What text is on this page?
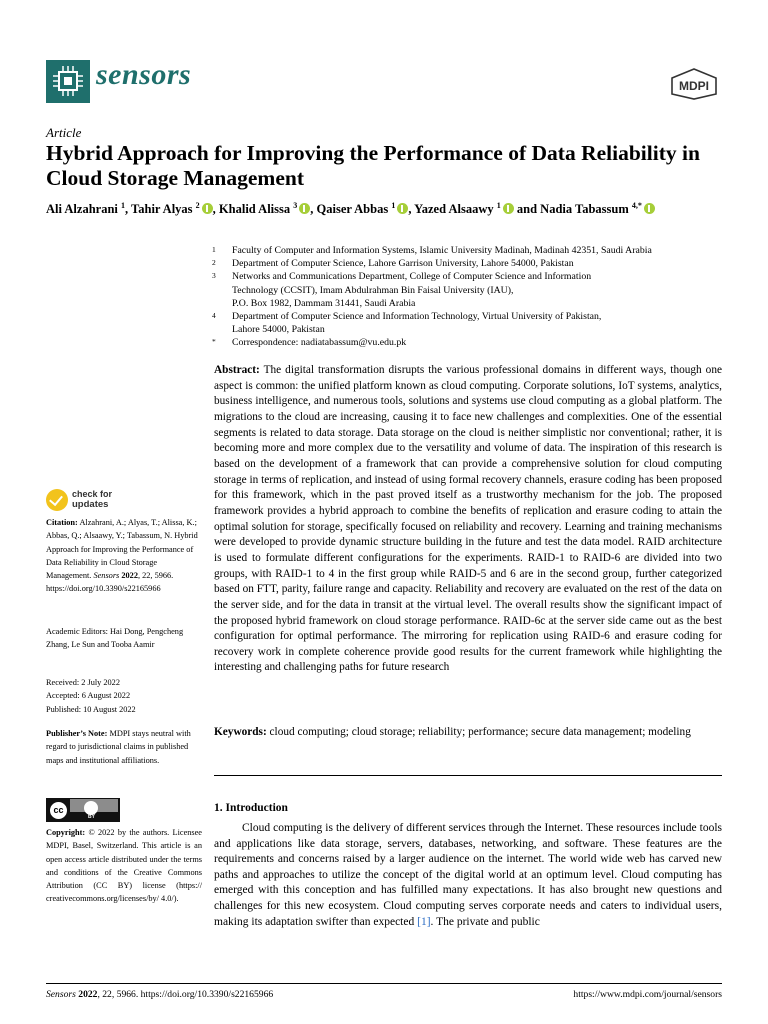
sensors	MDPI
Article
Hybrid Approach for Improving the Performance of Data Reliability in Cloud Storage Management
Ali Alzahrani $^1$, Tahir Alyas $^2$ , Khalid Alissa $^3$ , Qaiser Abbas $^1$ , Yazed Alsaawy $^1$ and Nadia Tabassum $^{4,*}$
1 Faculty of Computer and Information Systems, Islamic University Madinah, Madinah 42351, Saudi Arabia
2 Department of Computer Science, Lahore Garrison University, Lahore 54000, Pakistan
3 Networks and Communications Department, College of Computer Science and Information
Technology (CCSIT), Imam Abdulrahman Bin Faisal University (IAU),
P.O. Box 1982, Dammam 31441, Saudi Arabia
4 Department of Computer Science and Information Technology, Virtual University of Pakistan,
Lahore 54000, Pakistan
* Correspondence: nadiatabassum@vu.edu.pk
Abstract: The digital transformation disrupts the various professional domains in different ways, though one aspect is common: the unified platform known as cloud computing. Corporate solutions, IoT systems, analytics, business intelligence, and numerous tools, solutions and systems use cloud computing as a global platform. The migrations to the cloud are increasing, causing it to face new challenges and complexities. One of the essential segments is related to data storage. Data storage on the cloud is neither simplistic nor conventional; rather, it is becoming more and more complex due to the versatility and volume of data. The inspiration of this research is based on the development of a framework that can provide a comprehensive solution for cloud computing storage in terms of replication, and instead of using formal recovery channels, erasure coding has been proposed for this framework, which in the past proved itself as a trustworthy mechanism for the job. The proposed framework provides a hybrid approach to combine the benefits of replication and erasure coding to attain the optimal solution for storage, specifically focused on reliability and recovery. Learning and training mechanisms were developed to provide dynamic structure building in the future and test the data model. RAID architecture is used to formulate different configurations for the experiments. RAID-1 to RAID-6 are divided into two groups, with RAID-1 to 4 in the first group while RAID-5 and 6 are in the second group, further categorized based on FTT, parity, failure range and capacity. Reliability and recovery are evaluated on the rest of the data on the server side, and for the data in transit at the virtual level. The overall results show the significant impact of the proposed hybrid framework on cloud storage performance. RAID-6c at the server side came out as the best configuration for optimal performance. The mirroring for replication using RAID-6 and erasure coding for recovery work in complete coherence provide good results for the current framework while highlighting the interesting and challenging paths for future research
Keywords: cloud computing; cloud storage; reliability; performance; secure data management; modeling
1. Introduction
Cloud computing is the delivery of different services through the Internet. These resources include tools and applications like data storage, servers, databases, networking, and software. These features are the requirements and concerns raised by a larger audience on the internet. The world wide web has carved new paths and approaches to utilize the concept of the digital world at an optimum level. Cloud computing has emerged with this conception and has fulfilled many expectations. It has also brought new questions and challenges for this new ecosystem. Cloud computing serves corporate needs and caters to individual users, making its adaptation swifter than expected [1]. The private and public
check for
updates
Citation: Alzahrani, A.; Alyas, T.; Alissa, K.; Abbas, Q.; Alsaawy, Y.; Tabassum, N. Hybrid Approach for Improving the Performance of Data Reliability in Cloud Storage Management. Sensors 2022, 22, 5966. https://doi.org/10.3390/s22165966
Academic Editors: Hai Dong, Pengcheng Zhang, Le Sun and Tooba Aamir
Received: 2 July 2022
Accepted: 6 August 2022
Published: 10 August 2022
Publisher’s Note: MDPI stays neutral with regard to jurisdictional claims in published maps and institutional affiliations.
cc
BY
Copyright: © 2022 by the authors. Licensee MDPI, Basel, Switzerland. This article is an open access article distributed under the terms and conditions of the Creative Commons Attribution (CC BY) license (https:// creativecommons.org/licenses/by/ 4.0/).
Sensors 2022, 22, 5966. https://doi.org/10.3390/s22165966	https://www.mdpi.com/journal/sensors
